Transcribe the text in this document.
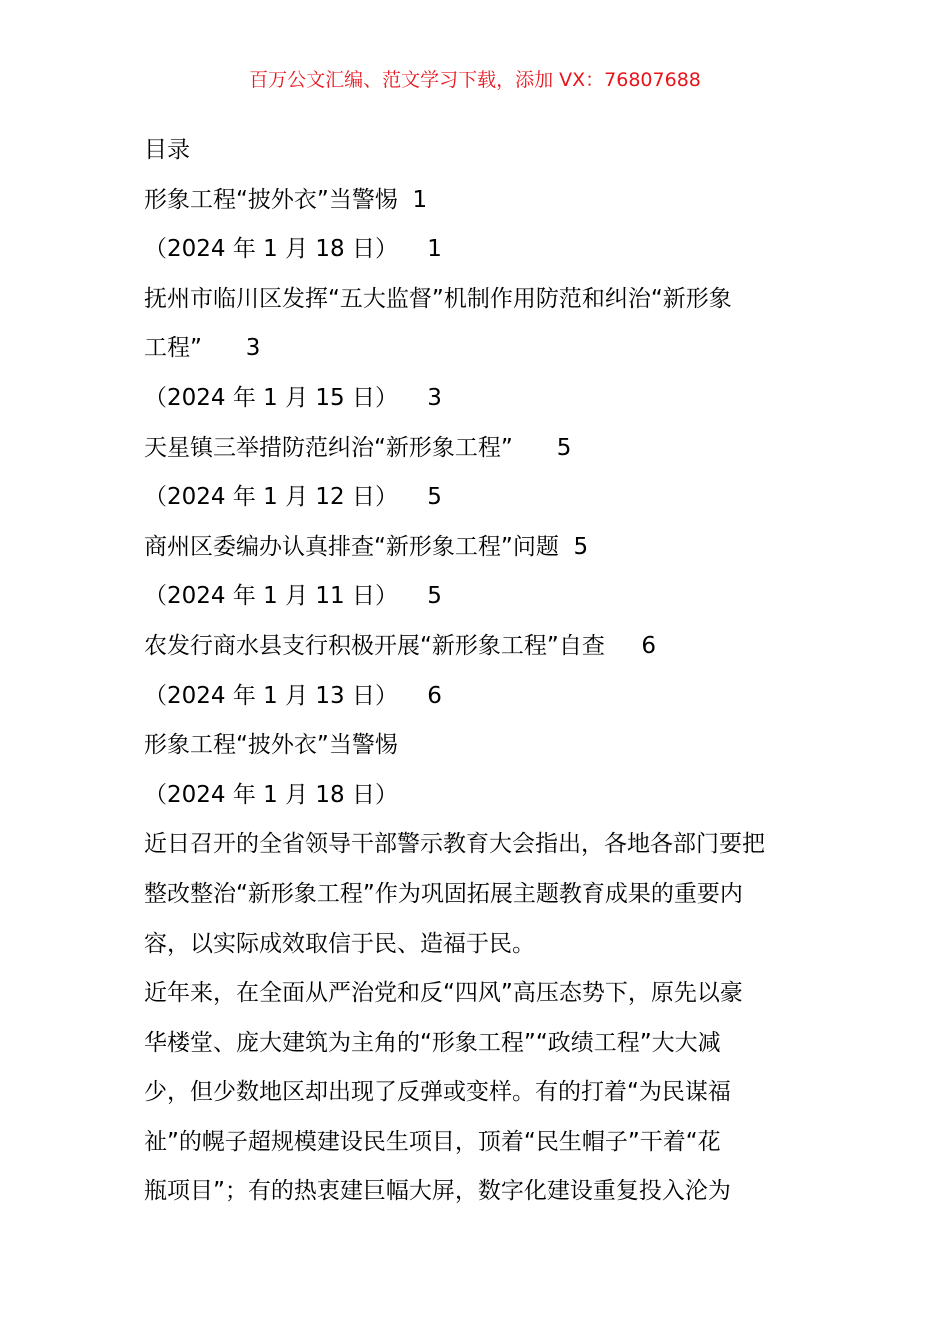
百万公文汇编、范文学习下载，添加 VX：76807688
目录
形象工程“披外衣”当警惕 1
（2024 年 1 月 18 日） 1
抚州市临川区发挥“五大监督”机制作用防范和纠治“新形象
工程” 3
（2024 年 1 月 15 日） 3
天星镇三举措防范纠治“新形象工程” 5
（2024 年 1 月 12 日） 5
商州区委编办认真排查“新形象工程”问题 5
（2024 年 1 月 11 日） 5
农发行商水县支行积极开展“新形象工程”自查 6
（2024 年 1 月 13 日） 6
形象工程“披外衣”当警惕
（2024 年 1 月 18 日）
近日召开的全省领导干部警示教育大会指出，各地各部门要把
整改整治“新形象工程”作为巩固拓展主题教育成果的重要内
容，以实际成效取信于民、造福于民。
近年来，在全面从严治党和反“四风”高压态势下，原先以豪
华楼堂、庞大建筑为主角的“形象工程”“政绩工程”大大减
少，但少数地区却出现了反弹或变样。有的打着“为民谋福
祉”的幌子超规模建设民生项目，顶着“民生帽子”干着“花
瓶项目”；有的热衷建巨幅大屏，数字化建设重复投入沦为
